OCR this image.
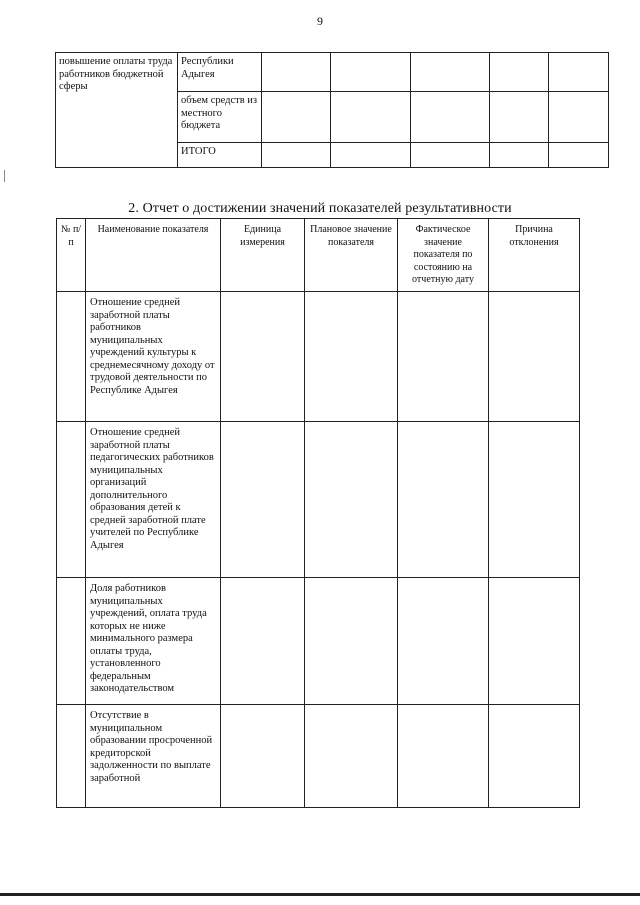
9
повышение оплаты труда работников бюджетной сферы	Республики Адыгея					
	объем средств из местного бюджета					
	ИТОГО					
2. Отчет о достижении значений показателей результативности
№ п/п	Наименование показателя	Единица измерения	Плановое значение показателя	Фактическое значение показателя по состоянию на отчетную дату	Причина отклонения
	Отношение средней заработной платы работников муниципальных учреждений культуры к среднемесячному доходу от трудовой деятельности по Республике Адыгея				
	Отношение средней заработной платы педагогических работников муниципальных организаций дополнительного образования детей к средней заработной плате учителей по Республике Адыгея				
	Доля работников муниципальных учреждений, оплата труда которых не ниже минимального размера оплаты труда, установленного федеральным законодательством				
	Отсутствие в муниципальном образовании просроченной кредиторской задолженности по выплате заработной				
